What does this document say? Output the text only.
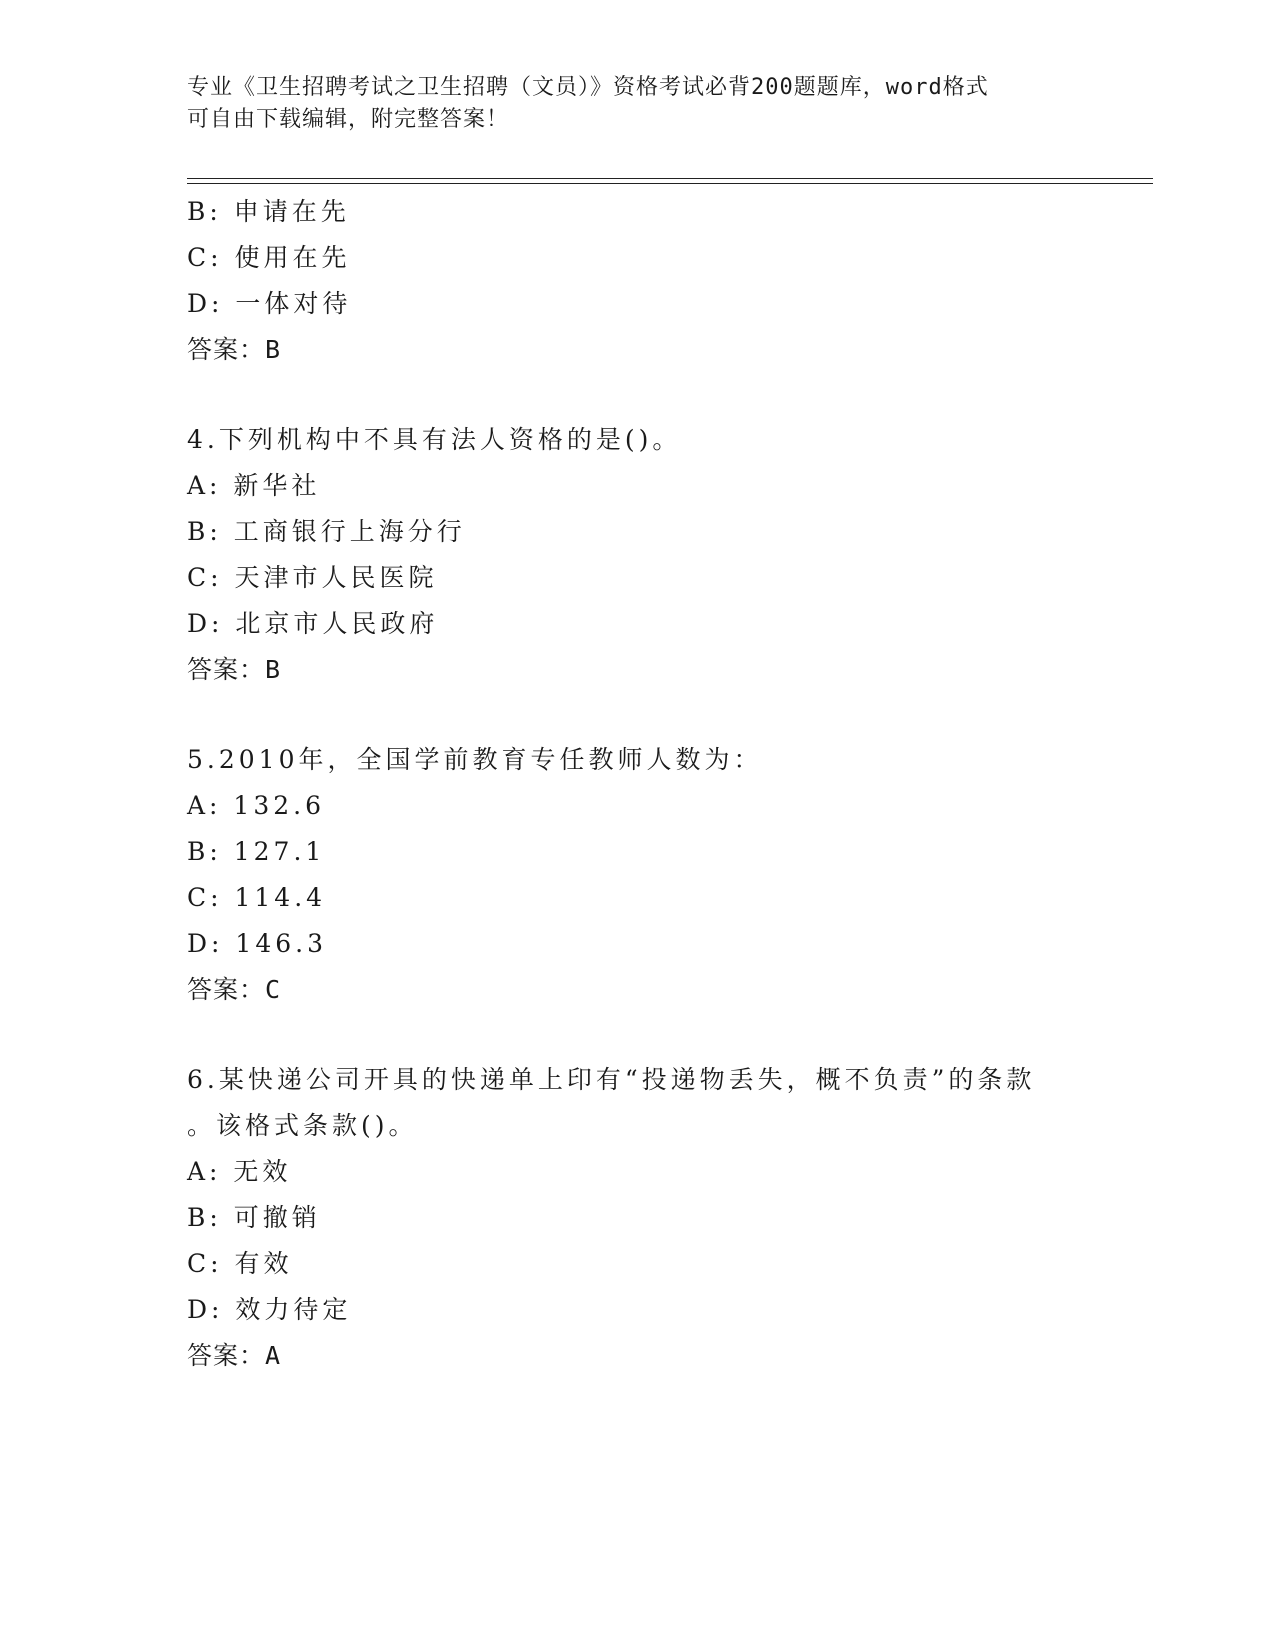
专业《卫生招聘考试之卫生招聘（文员）》资格考试必背200题题库，word格式
可自由下载编辑，附完整答案！
B: 申请在先
C: 使用在先
D: 一体对待
答案：B
4.下列机构中不具有法人资格的是()。
A: 新华社
B: 工商银行上海分行
C: 天津市人民医院
D: 北京市人民政府
答案：B
5.2010年，全国学前教育专任教师人数为：
A: 132.6
B: 127.1
C: 114.4
D: 146.3
答案：C
6.某快递公司开具的快递单上印有“投递物丢失，概不负责”的条款
。该格式条款()。
A: 无效
B: 可撤销
C: 有效
D: 效力待定
答案：A
